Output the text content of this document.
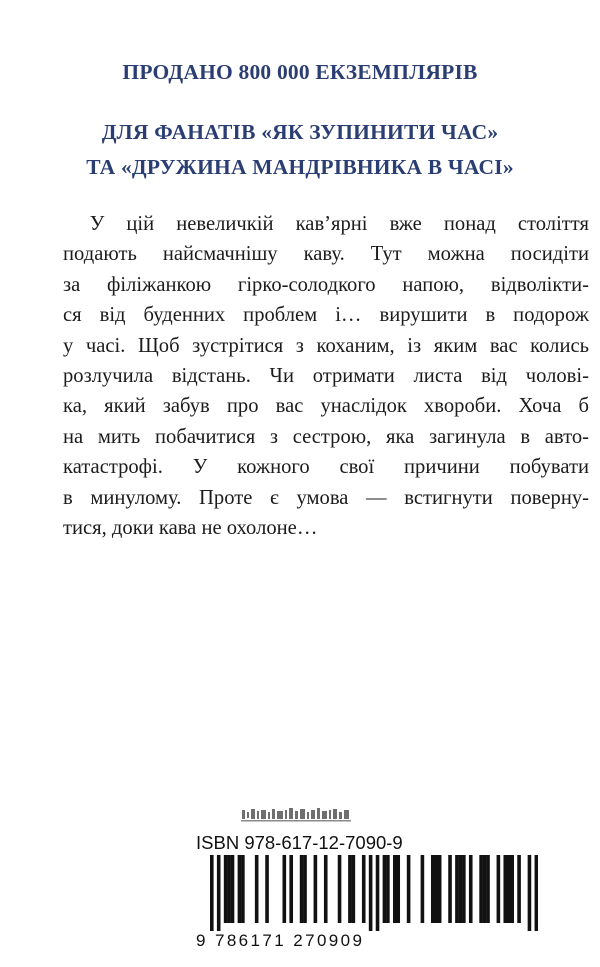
ПРОДАНО 800 000 ЕКЗЕМПЛЯРІВ
ДЛЯ ФАНАТІВ «ЯК ЗУПИНИТИ ЧАС»
ТА «ДРУЖИНА МАНДРІВНИКА В ЧАСІ»
У цій невеличкій кав’ярні вже понад століття
подають найсмачнішу каву. Тут можна посидіти
за філіжанкою гірко-солодкого напою, відволікти-
ся від буденних проблем і… вирушити в подорож
у часі. Щоб зустрітися з коханим, із яким вас колись
розлучила відстань. Чи отримати листа від чолові-
ка, який забув про вас унаслідок хвороби. Хоча б
на мить побачитися з сестрою, яка загинула в авто-
катастрофі. У кожного свої причини побувати
в минулому. Проте є умова — встигнути поверну-
тися, доки кава не охолоне…
ISBN 978-617-12-7090-9
9 786171 270909
